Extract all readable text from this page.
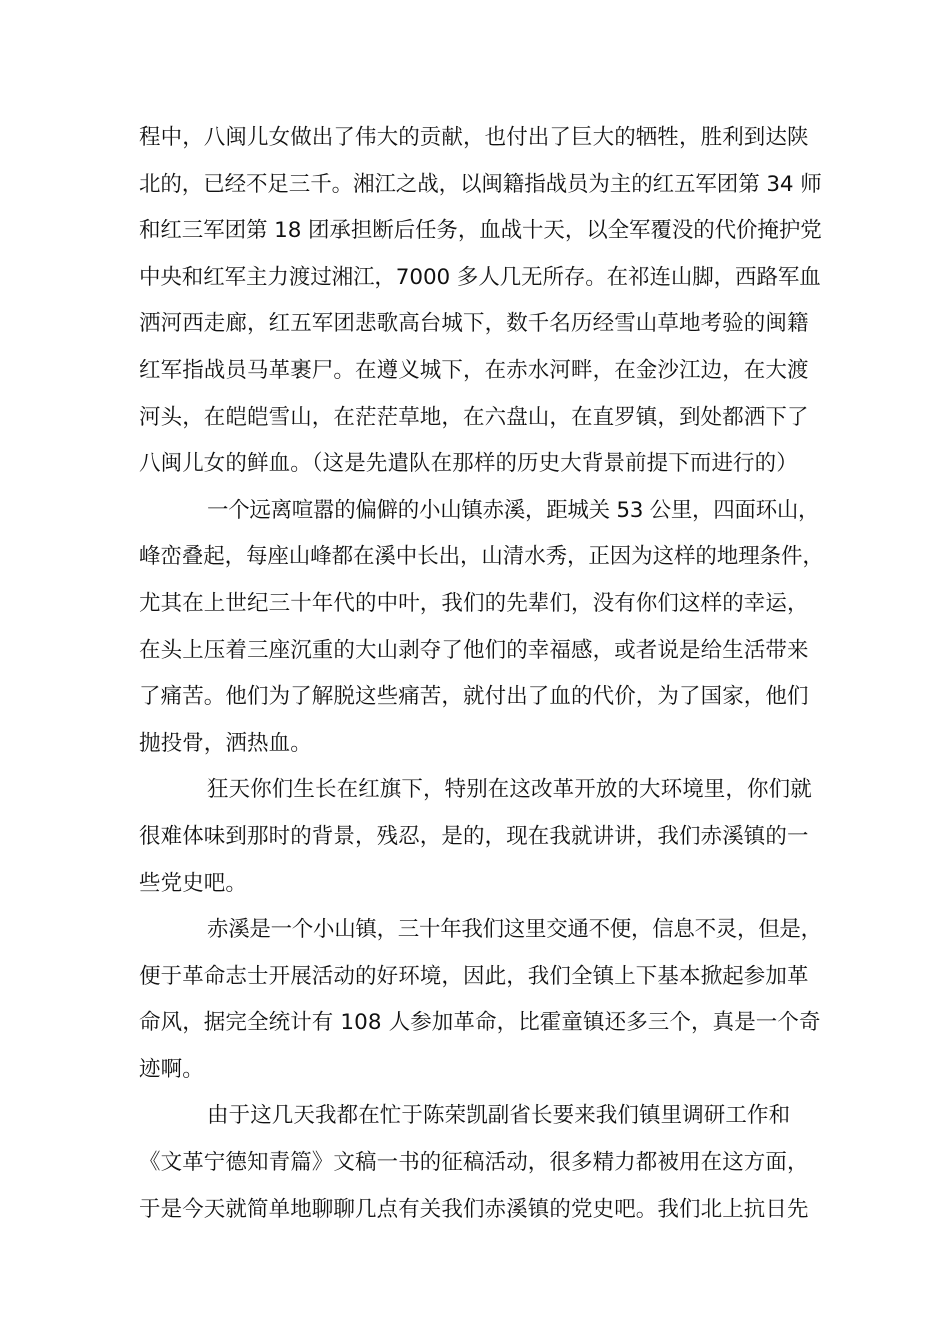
程中，八闽儿女做出了伟大的贡献，也付出了巨大的牺牲，胜利到达陕
北的，已经不足三千。湘江之战，以闽籍指战员为主的红五军团第 34 师
和红三军团第 18 团承担断后任务，血战十天，以全军覆没的代价掩护党
中央和红军主力渡过湘江，7000 多人几无所存。在祁连山脚，西路军血
洒河西走廊，红五军团悲歌高台城下，数千名历经雪山草地考验的闽籍
红军指战员马革裹尸。在遵义城下，在赤水河畔，在金沙江边，在大渡
河头，在皑皑雪山，在茫茫草地，在六盘山，在直罗镇，到处都洒下了
八闽儿女的鲜血。（这是先遣队在那样的历史大背景前提下而进行的）
一个远离喧嚣的偏僻的小山镇赤溪，距城关 53 公里，四面环山，
峰峦叠起，每座山峰都在溪中长出，山清水秀，正因为这样的地理条件，
尤其在上世纪三十年代的中叶，我们的先辈们，没有你们这样的幸运，
在头上压着三座沉重的大山剥夺了他们的幸福感，或者说是给生活带来
了痛苦。他们为了解脱这些痛苦，就付出了血的代价，为了国家，他们
抛投骨，洒热血。
狂天你们生长在红旗下，特别在这改革开放的大环境里，你们就
很难体味到那时的背景，残忍，是的，现在我就讲讲，我们赤溪镇的一
些党史吧。
赤溪是一个小山镇，三十年我们这里交通不便，信息不灵，但是，
便于革命志士开展活动的好环境，因此，我们全镇上下基本掀起参加革
命风，据完全统计有 108 人参加革命，比霍童镇还多三个，真是一个奇
迹啊。
由于这几天我都在忙于陈荣凯副省长要来我们镇里调研工作和
《文革宁德知青篇》文稿一书的征稿活动，很多精力都被用在这方面，
于是今天就简单地聊聊几点有关我们赤溪镇的党史吧。我们北上抗日先
